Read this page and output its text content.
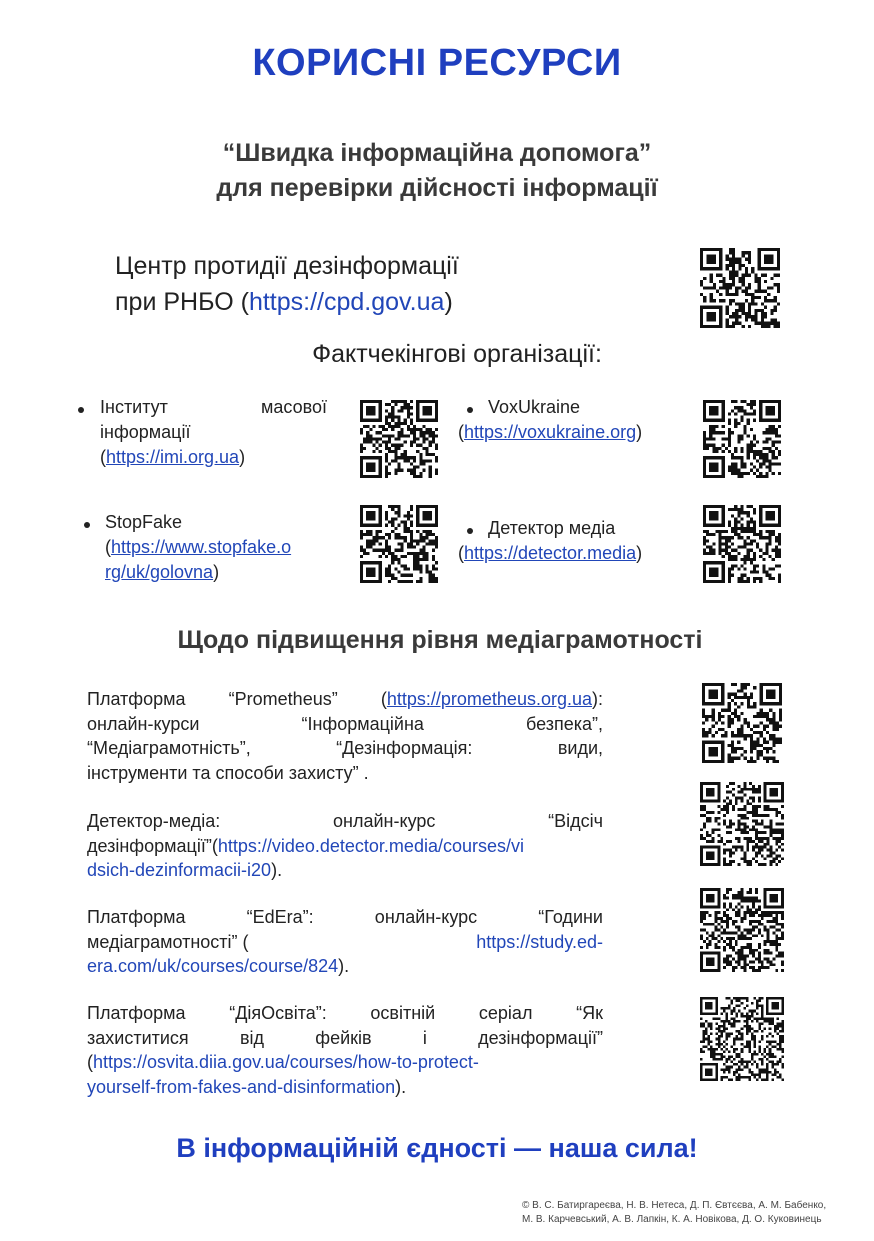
КОРИСНІ РЕСУРСИ
“Швидка інформаційна допомога”
для перевірки дійсності інформації
Центр протидії дезінформації
при РНБО (https://cpd.gov.ua)
Фактчекінгові організації:
Інститут	масової
інформації
(https://imi.org.ua)
VoxUkraine
(https://voxukraine.org)
StopFake
(https://www.stopfake.o
rg/uk/golovna)
Детектор медіа
(https://detector.media)
Щодо підвищення рівня медіаграмотності
Платформа “Prometheus” (https://prometheus.org.ua):
онлайн-курси “Інформаційна безпека”,
“Медіаграмотність”, “Дезінформація: види,
інструменти та способи захисту” .
Детектор-медіа: онлайн-курс “Відсіч
дезінформації”(https://video.detector.media/courses/vi
dsich-dezinformacii-i20).
Платформа “EdEra”: онлайн-курс “Години
медіаграмотності” (	https://study.ed-
era.com/uk/courses/course/824).
Платформа “ДіяОсвіта”: освітній серіал “Як
захиститися від фейків і дезінформації”
(https://osvita.diia.gov.ua/courses/how-to-protect-
yourself-from-fakes-and-disinformation).
В інформаційній єдності — наша сила!
© В. С. Батиргареєва, Н. В. Нетеса, Д. П. Євтєєва, А. М. Бабенко,
М. В. Карчевський, А. В. Лапкін, К. А. Новікова, Д. О. Куковинець
